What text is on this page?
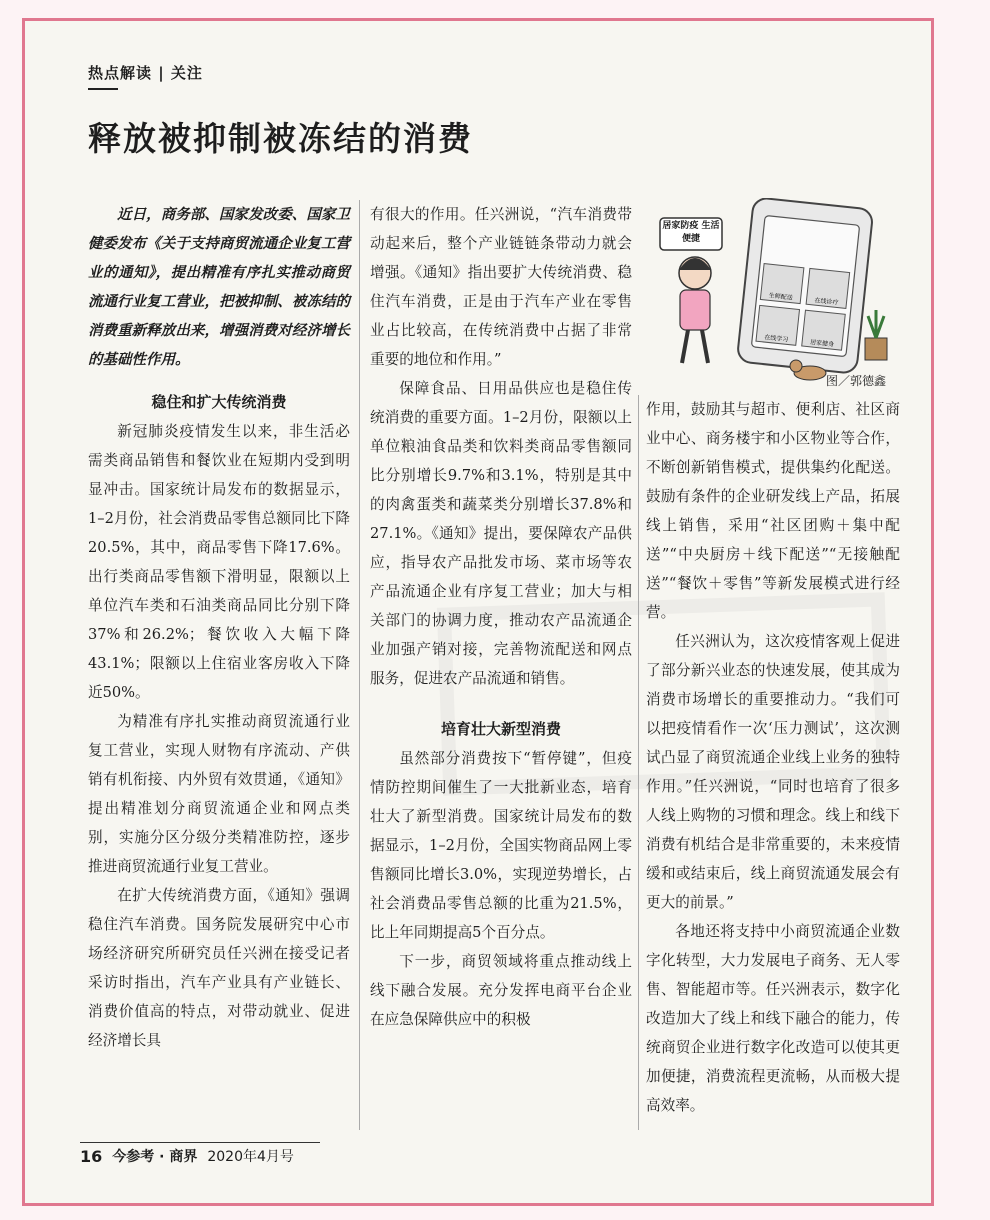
热点解读 | 关注
释放被抑制被冻结的消费

近日，商务部、国家发改委、国家卫健委发布《关于支持商贸流通企业复工营业的通知》，提出精准有序扎实推动商贸流通行业复工营业，把被抑制、被冻结的消费重新释放出来，增强消费对经济增长的基础性作用。

稳住和扩大传统消费

新冠肺炎疫情发生以来，非生活必需类商品销售和餐饮业在短期内受到明显冲击。国家统计局发布的数据显示，1–2月份，社会消费品零售总额同比下降20.5%，其中，商品零售下降17.6%。出行类商品零售额下滑明显，限额以上单位汽车类和石油类商品同比分别下降37%和26.2%；餐饮收入大幅下降43.1%；限额以上住宿业客房收入下降近50%。

为精准有序扎实推动商贸流通行业复工营业，实现人财物有序流动、产供销有机衔接、内外贸有效贯通，《通知》提出精准划分商贸流通企业和网点类别，实施分区分级分类精准防控，逐步推进商贸流通行业复工营业。

在扩大传统消费方面，《通知》强调稳住汽车消费。国务院发展研究中心市场经济研究所研究员任兴洲在接受记者采访时指出，汽车产业具有产业链长、消费价值高的特点，对带动就业、促进经济增长具

有很大的作用。任兴洲说，“汽车消费带动起来后，整个产业链链条带动力就会增强。《通知》指出要扩大传统消费、稳住汽车消费，正是由于汽车产业在零售业占比较高，在传统消费中占据了非常重要的地位和作用。”

保障食品、日用品供应也是稳住传统消费的重要方面。1–2月份，限额以上单位粮油食品类和饮料类商品零售额同比分别增长9.7%和3.1%，特别是其中的肉禽蛋类和蔬菜类分别增长37.8%和27.1%。《通知》提出，要保障农产品供应，指导农产品批发市场、菜市场等农产品流通企业有序复工营业；加大与相关部门的协调力度，推动农产品流通企业加强产销对接，完善物流配送和网点服务，促进农产品流通和销售。

培育壮大新型消费

虽然部分消费按下“暂停键”，但疫情防控期间催生了一大批新业态，培育壮大了新型消费。国家统计局发布的数据显示，1–2月份，全国实物商品网上零售额同比增长3.0%，实现逆势增长，占社会消费品零售总额的比重为21.5%，比上年同期提高5个百分点。

下一步，商贸领域将重点推动线上线下融合发展。充分发挥电商平台企业在应急保障供应中的积极

生鲜配送
在线诊疗
在线学习
居家健身
居家防疫 生活便捷
图／郭德鑫

作用，鼓励其与超市、便利店、社区商业中心、商务楼宇和小区物业等合作，不断创新销售模式，提供集约化配送。鼓励有条件的企业研发线上产品，拓展线上销售，采用“社区团购＋集中配送”“中央厨房＋线下配送”“无接触配送”“餐饮＋零售”等新发展模式进行经营。

任兴洲认为，这次疫情客观上促进了部分新兴业态的快速发展，使其成为消费市场增长的重要推动力。“我们可以把疫情看作一次‘压力测试’，这次测试凸显了商贸流通企业线上业务的独特作用。”任兴洲说，“同时也培育了很多人线上购物的习惯和理念。线上和线下消费有机结合是非常重要的，未来疫情缓和或结束后，线上商贸流通发展会有更大的前景。”

各地还将支持中小商贸流通企业数字化转型，大力发展电子商务、无人零售、智能超市等。任兴洲表示，数字化改造加大了线上和线下融合的能力，传统商贸企业进行数字化改造可以使其更加便捷，消费流程更流畅，从而极大提高效率。

16 今参考 · 商界 2020年4月号
